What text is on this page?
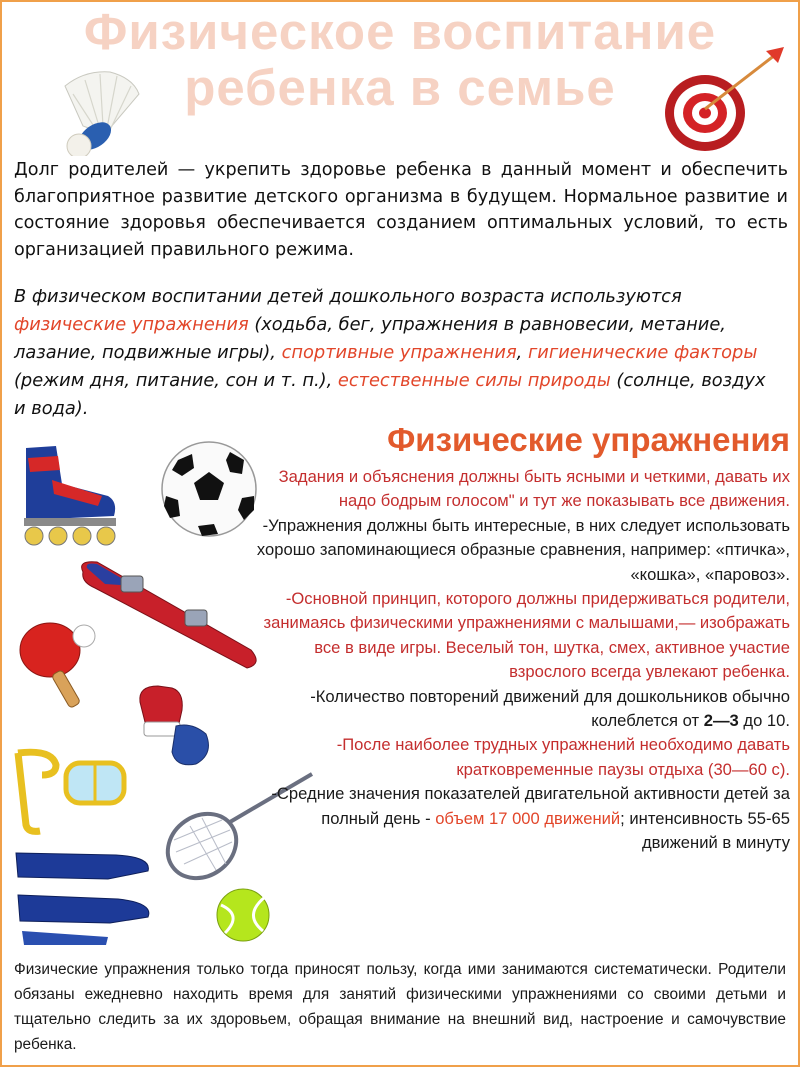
Физическое воспитание
ребенка в семье
Долг родителей — укрепить здоровье ребенка в данный момент и обеспечить благоприятное развитие детского организма в будущем. Нормальное развитие и состояние здоровья обеспечивается созданием оптимальных условий, то есть организацией правильного режима.
В физическом воспитании детей дошкольного возраста используются физические упражнения (ходьба, бег, упражнения в равновесии, метание, лазание, подвижные игры), спортивные упражнения, гигиенические факторы (режим дня, питание, сон и т. п.), естественные силы природы (солнце, воздух и вода).
Физические упражнения

Задания и объяснения должны быть ясными и четкими, давать их надо бодрым голосом" и тут же показывать все движения.

-Упражнения должны быть интересные, в них следует использовать хорошо запоминающиеся образные сравнения, например: «птичка», «кошка», «паровоз».

-Основной принцип, которого должны придерживаться родители, занимаясь физическими упражнениями с малышами,— изображать все в виде игры. Веселый тон, шутка, смех, активное участие взрослого всегда увлекают ребенка.

-Количество повторений движений для дошкольников обычно колеблется от 2—3 до 10.

-После наиболее трудных упражнений необходимо давать кратковременные паузы отдыха (30—60 с).

-Средние значения показателей двигательной активности детей за полный день - объем 17 000 движений; интенсивность 55-65 движений в минуту

Физические упражнения только тогда приносят пользу, когда ими занимаются систематически. Родители обязаны ежедневно находить время для занятий физическими упражнениями со своими детьми и тщательно следить за их здоровьем, обращая внимание на внешний вид, настроение и самочувствие ребенка.
